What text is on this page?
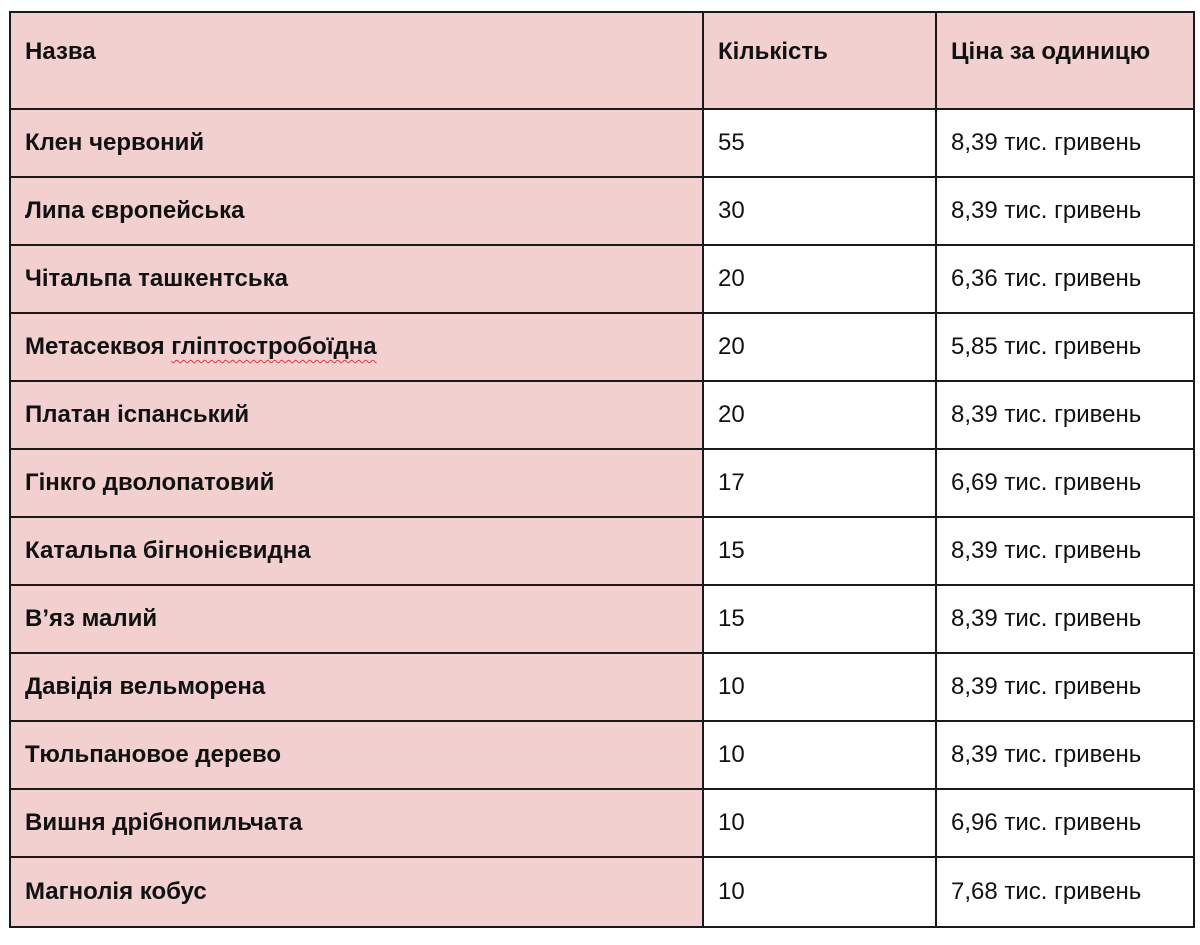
Назва	Кількість	Ціна за одиницю

Клен червоний	55	8,39 тис. гривень
Липа європейська	30	8,39 тис. гривень
Чітальпа ташкентська	20	6,36 тис. гривень
Метасеквоя гліптостробоїдна	20	5,85 тис. гривень
Платан іспанський	20	8,39 тис. гривень
Гінкго дволопатовий	17	6,69 тис. гривень
Катальпа бігнонієвидна	15	8,39 тис. гривень
В’яз малий	15	8,39 тис. гривень
Давідія вельморена	10	8,39 тис. гривень
Тюльпановое дерево	10	8,39 тис. гривень
Вишня дрібнопильчата	10	6,96 тис. гривень
Магнолія кобус	10	7,68 тис. гривень
